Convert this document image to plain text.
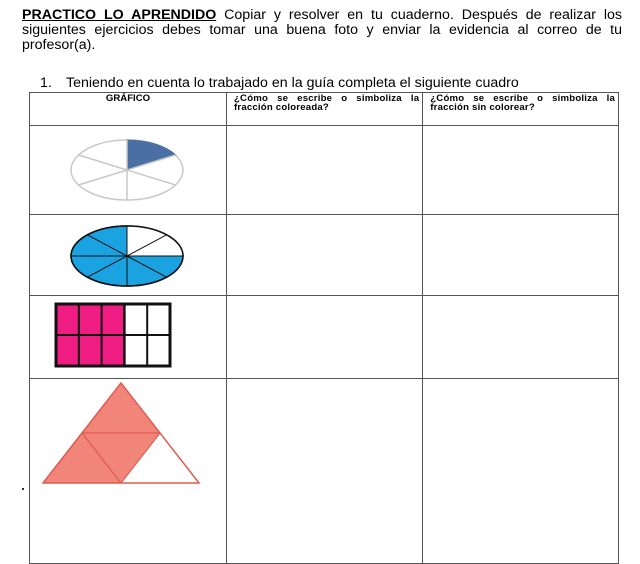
PRACTICO LO APRENDIDO Copiar y resolver en tu cuaderno. Después de realizar los siguientes ejercicios debes tomar una buena foto y enviar la evidencia al correo de tu profesor(a).
1. Teniendo en cuenta lo trabajado en la guía completa el siguiente cuadro
GRÁFICO	¿Cómo se escribe o simboliza la fracción coloreada?	¿Cómo se escribe o simboliza la fracción sin colorear?
